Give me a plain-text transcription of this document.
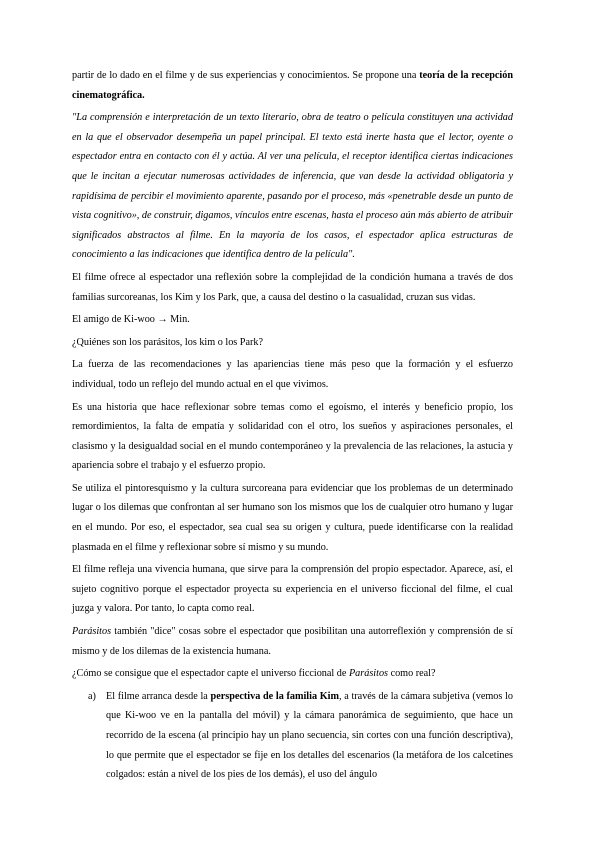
partir de lo dado en el filme y de sus experiencias y conocimientos. Se propone una teoría de la recepción cinematográfica.

"La comprensión e interpretación de un texto literario, obra de teatro o película constituyen una actividad en la que el observador desempeña un papel principal. El texto está inerte hasta que el lector, oyente o espectador entra en contacto con él y actúa. Al ver una película, el receptor identifica ciertas indicaciones que le incitan a ejecutar numerosas actividades de inferencia, que van desde la actividad obligatoria y rapidísima de percibir el movimiento aparente, pasando por el proceso, más «penetrable desde un punto de vista cognitivo», de construir, digamos, vínculos entre escenas, hasta el proceso aún más abierto de atribuir significados abstractos al filme. En la mayoría de los casos, el espectador aplica estructuras de conocimiento a las indicaciones que identifica dentro de la película".

El filme ofrece al espectador una reflexión sobre la complejidad de la condición humana a través de dos familias surcoreanas, los Kim y los Park, que, a causa del destino o la casualidad, cruzan sus vidas.

El amigo de Ki-woo → Min.

¿Quiénes son los parásitos, los kim o los Park?

La fuerza de las recomendaciones y las apariencias tiene más peso que la formación y el esfuerzo individual, todo un reflejo del mundo actual en el que vivimos.

Es una historia que hace reflexionar sobre temas como el egoísmo, el interés y beneficio propio, los remordimientos, la falta de empatía y solidaridad con el otro, los sueños y aspiraciones personales, el clasismo y la desigualdad social en el mundo contemporáneo y la prevalencia de las relaciones, la astucia y apariencia sobre el trabajo y el esfuerzo propio.

Se utiliza el pintoresquismo y la cultura surcoreana para evidenciar que los problemas de un determinado lugar o los dilemas que confrontan al ser humano son los mismos que los de cualquier otro humano y lugar en el mundo. Por eso, el espectador, sea cual sea su origen y cultura, puede identificarse con la realidad plasmada en el filme y reflexionar sobre sí mismo y su mundo.

El filme refleja una vivencia humana, que sirve para la comprensión del propio espectador. Aparece, así, el sujeto cognitivo porque el espectador proyecta su experiencia en el universo ficcional del filme, el cual juzga y valora. Por tanto, lo capta como real.

Parásitos también "dice" cosas sobre el espectador que posibilitan una autorreflexión y comprensión de sí mismo y de los dilemas de la existencia humana.

¿Cómo se consigue que el espectador capte el universo ficcional de Parásitos como real?

a) El filme arranca desde la perspectiva de la familia Kim, a través de la cámara subjetiva (vemos lo que Ki-woo ve en la pantalla del móvil) y la cámara panorámica de seguimiento, que hace un recorrido de la escena (al principio hay un plano secuencia, sin cortes con una función descriptiva), lo que permite que el espectador se fije en los detalles del escenarios (la metáfora de los calcetines colgados: están a nivel de los pies de los demás), el uso del ángulo
